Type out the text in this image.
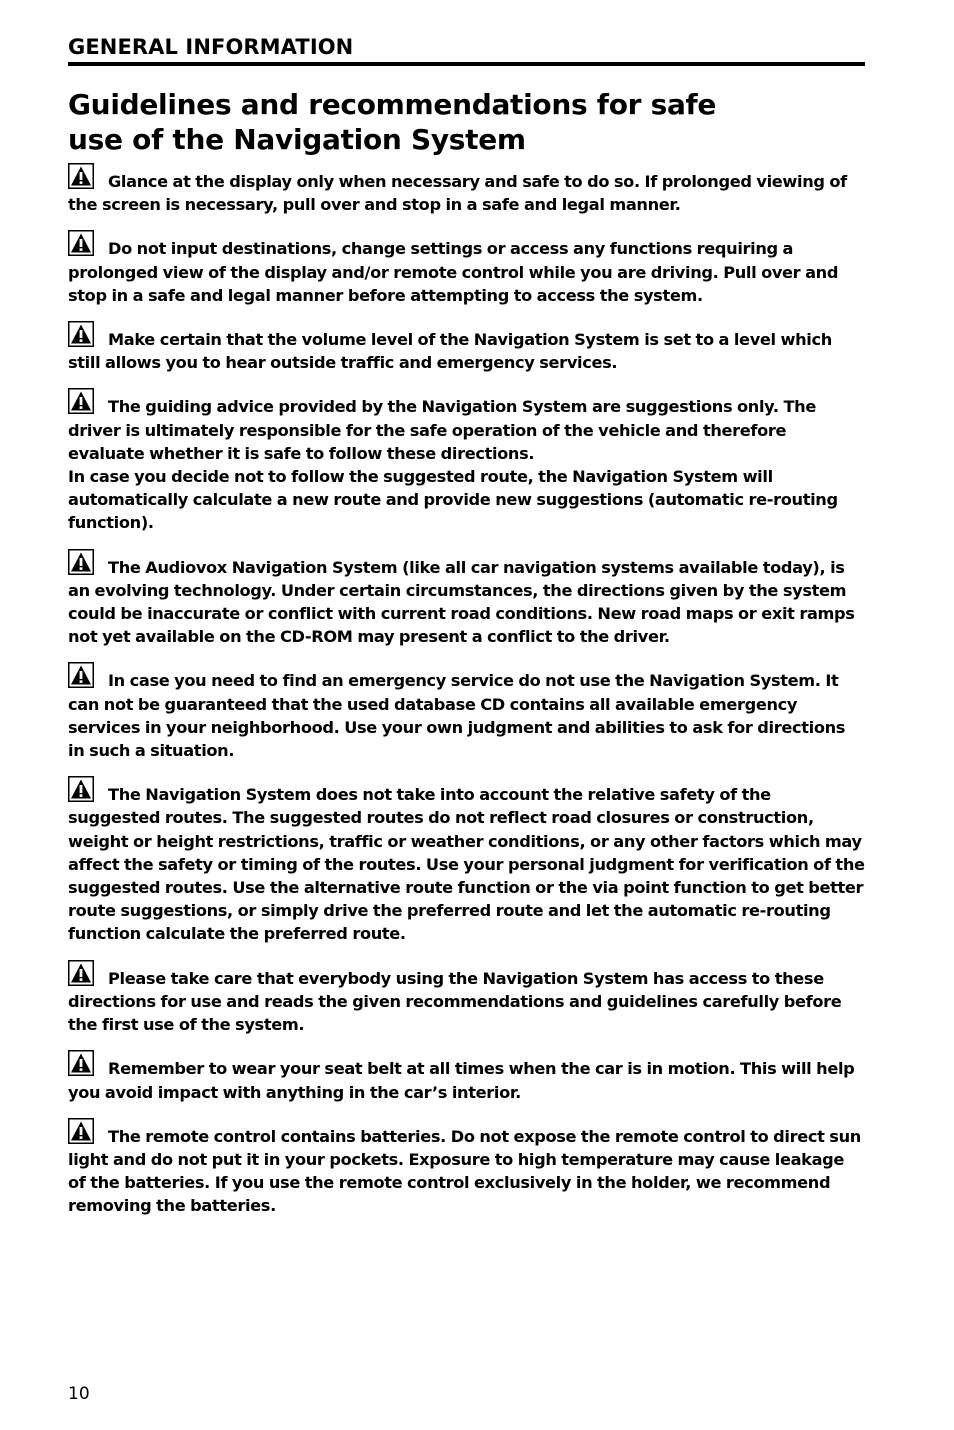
GENERAL INFORMATION
Guidelines and recommendations for safe
use of the Navigation System

Glance at the display only when necessary and safe to do so. If prolonged viewing of the screen is necessary, pull over and stop in a safe and legal manner.

Do not input destinations, change settings or access any functions requiring a prolonged view of the display and/or remote control while you are driving. Pull over and stop in a safe and legal manner before attempting to access the system.

Make certain that the volume level of the Navigation System is set to a level which still allows you to hear outside traffic and emergency services.

The guiding advice provided by the Navigation System are suggestions only. The driver is ultimately responsible for the safe operation of the vehicle and therefore evaluate whether it is safe to follow these directions.
In case you decide not to follow the suggested route, the Navigation System will automatically calculate a new route and provide new suggestions (automatic re-routing function).

The Audiovox Navigation System (like all car navigation systems available today), is an evolving technology. Under certain circumstances, the directions given by the system could be inaccurate or conflict with current road conditions. New road maps or exit ramps not yet available on the CD-ROM may present a conflict to the driver.

In case you need to find an emergency service do not use the Navigation System. It can not be guaranteed that the used database CD contains all available emergency services in your neighborhood. Use your own judgment and abilities to ask for directions in such a situation.

The Navigation System does not take into account the relative safety of the suggested routes. The suggested routes do not reflect road closures or construction, weight or height restrictions, traffic or weather conditions, or any other factors which may affect the safety or timing of the routes. Use your personal judgment for verification of the suggested routes. Use the alternative route function or the via point function to get better route suggestions, or simply drive the preferred route and let the automatic re-routing function calculate the preferred route.

Please take care that everybody using the Navigation System has access to these directions for use and reads the given recommendations and guidelines carefully before the first use of the system.

Remember to wear your seat belt at all times when the car is in motion. This will help you avoid impact with anything in the car’s interior.

The remote control contains batteries. Do not expose the remote control to direct sun light and do not put it in your pockets. Exposure to high temperature may cause leakage of the batteries. If you use the remote control exclusively in the holder, we recommend removing the batteries.

10
